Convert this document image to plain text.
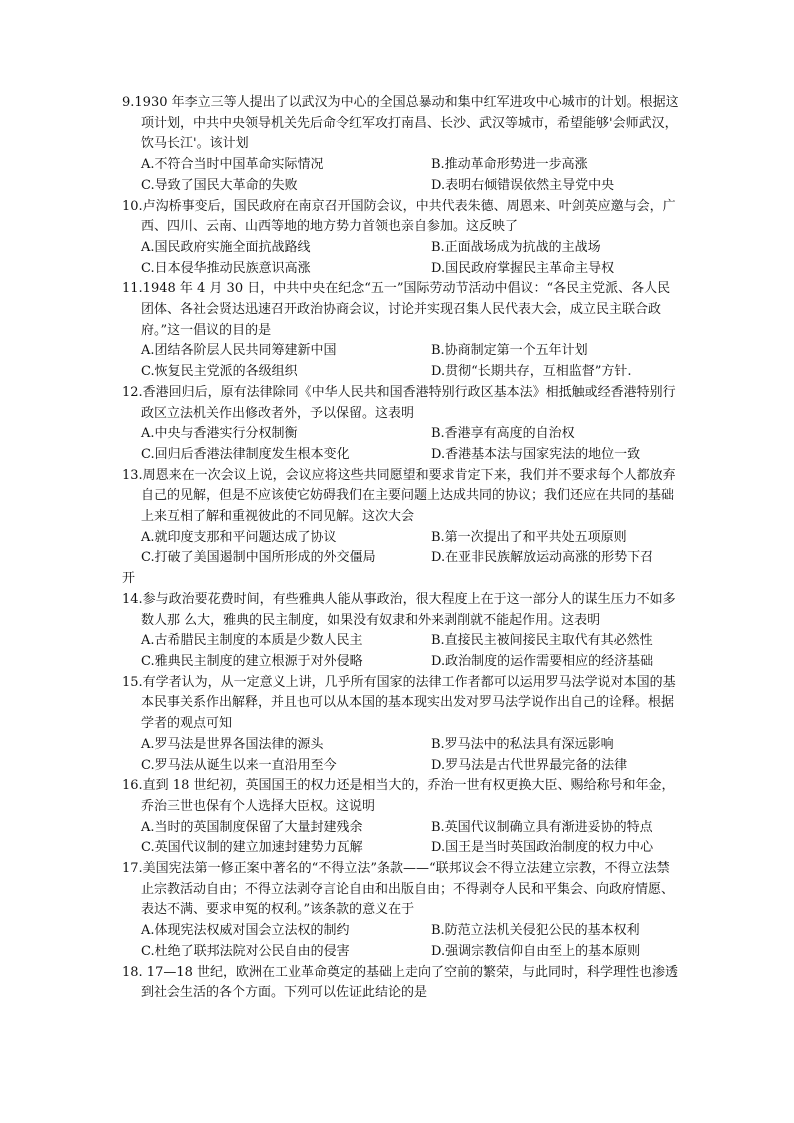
9.1930 年李立三等人提出了以武汉为中心的全国总暴动和集中红军进攻中心城市的计划。根据这项计划，中共中央领导机关先后命令红军攻打南昌、长沙、武汉等城市，希望能够'会师武汉，饮马长江'。该计划
A.不符合当时中国革命实际情况	B.推动革命形势进一步高涨
C.导致了国民大革命的失败	D.表明右倾错误依然主导党中央
10.卢沟桥事变后，国民政府在南京召开国防会议，中共代表朱德、周恩来、叶剑英应邀与会，广西、四川、云南、山西等地的地方势力首领也亲自参加。这反映了
A.国民政府实施全面抗战路线	B.正面战场成为抗战的主战场
C.日本侵华推动民族意识高涨	D.国民政府掌握民主革命主导权
11.1948 年 4 月 30 日，中共中央在纪念“五一”国际劳动节活动中倡议：“各民主党派、各人民团体、各社会贤达迅速召开政治协商会议，讨论并实现召集人民代表大会，成立民主联合政府。”这一倡议的目的是
A.团结各阶层人民共同筹建新中国	B.协商制定第一个五年计划
C.恢复民主党派的各级组织	D.贯彻“长期共存，互相监督”方针.
12.香港回归后，原有法律除同《中华人民共和国香港特别行政区基本法》相抵触或经香港特别行政区立法机关作出修改者外，予以保留。这表明
A.中央与香港实行分权制衡	B.香港享有高度的自治权
C.回归后香港法律制度发生根本变化	D.香港基本法与国家宪法的地位一致
13.周恩来在一次会议上说，会议应将这些共同愿望和要求肯定下来，我们并不要求每个人都放弃自己的见解，但是不应该使它妨碍我们在主要问题上达成共同的协议；我们还应在共同的基础上来互相了解和重视彼此的不同见解。这次大会
A.就印度支那和平问题达成了协议	B.第一次提出了和平共处五项原则
C.打破了美国遏制中国所形成的外交僵局	D.在亚非民族解放运动高涨的形势下召
开
14.参与政治要花费时间，有些雅典人能从事政治，很大程度上在于这一部分人的谋生压力不如多数人那 么大，雅典的民主制度，如果没有奴隶和外来剥削就不能起作用。这表明
A.古希腊民主制度的本质是少数人民主	B.直接民主被间接民主取代有其必然性
C.雅典民主制度的建立根源于对外侵略	D.政治制度的运作需要相应的经济基础
15.有学者认为，从一定意义上讲，几乎所有国家的法律工作者都可以运用罗马法学说对本国的基本民事关系作出解释，并且也可以从本国的基本现实出发对罗马法学说作出自己的诠释。根据学者的观点可知
A.罗马法是世界各国法律的源头	B.罗马法中的私法具有深远影响
C.罗马法从诞生以来一直沿用至今	D.罗马法是古代世界最完备的法律
16.直到 18 世纪初，英国国王的权力还是相当大的，乔治一世有权更换大臣、赐给称号和年金，乔治三世也保有个人选择大臣权。这说明
A.当时的英国制度保留了大量封建残余	B.英国代议制确立具有渐进妥协的特点
C.英国代议制的建立加速封建势力瓦解	D.国王是当时英国政治制度的权力中心
17.美国宪法第一修正案中著名的“不得立法”条款——“联邦议会不得立法建立宗教，不得立法禁止宗教活动自由；不得立法剥夺言论自由和出版自由；不得剥夺人民和平集会、向政府情愿、表达不满、要求申冤的权利。”该条款的意义在于
A.体现宪法权威对国会立法权的制约	B.防范立法机关侵犯公民的基本权利
C.杜绝了联邦法院对公民自由的侵害	D.强调宗教信仰自由至上的基本原则
18. 17—18 世纪，欧洲在工业革命奠定的基础上走向了空前的繁荣，与此同时，科学理性也渗透到社会生活的各个方面。下列可以佐证此结论的是
